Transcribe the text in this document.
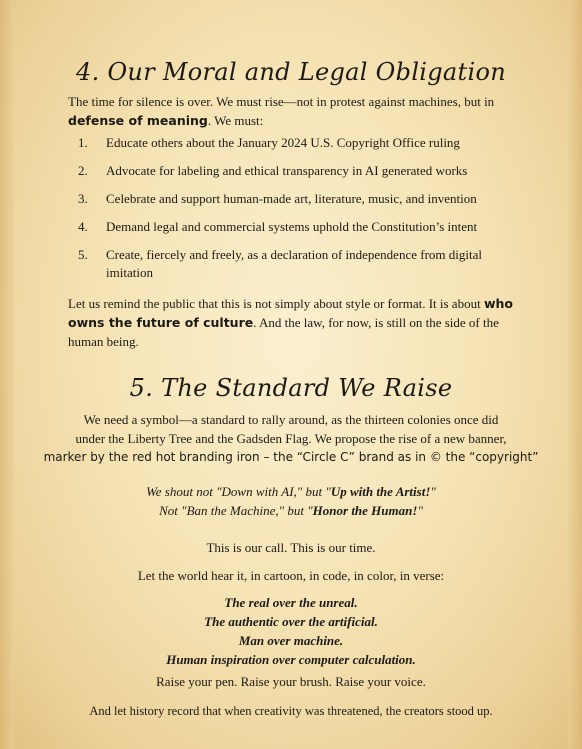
4. Our Moral and Legal Obligation
The time for silence is over. We must rise—not in protest against machines, but in defense of meaning. We must:
1. Educate others about the January 2024 U.S. Copyright Office ruling
2. Advocate for labeling and ethical transparency in AI generated works
3. Celebrate and support human-made art, literature, music, and invention
4. Demand legal and commercial systems uphold the Constitution’s intent
5. Create, fiercely and freely, as a declaration of independence from digital imitation
Let us remind the public that this is not simply about style or format. It is about who owns the future of culture. And the law, for now, is still on the side of the human being.
5. The Standard We Raise
We need a symbol—a standard to rally around, as the thirteen colonies once did
under the Liberty Tree and the Gadsden Flag. We propose the rise of a new banner,
marker by the red hot branding iron – the “Circle C” brand as in © the “copyright”
We shout not "Down with AI," but "Up with the Artist!"
Not "Ban the Machine," but "Honor the Human!"
This is our call. This is our time.
Let the world hear it, in cartoon, in code, in color, in verse:
The real over the unreal.
The authentic over the artificial.
Man over machine.
Human inspiration over computer calculation.
Raise your pen. Raise your brush. Raise your voice.
And let history record that when creativity was threatened, the creators stood up.
